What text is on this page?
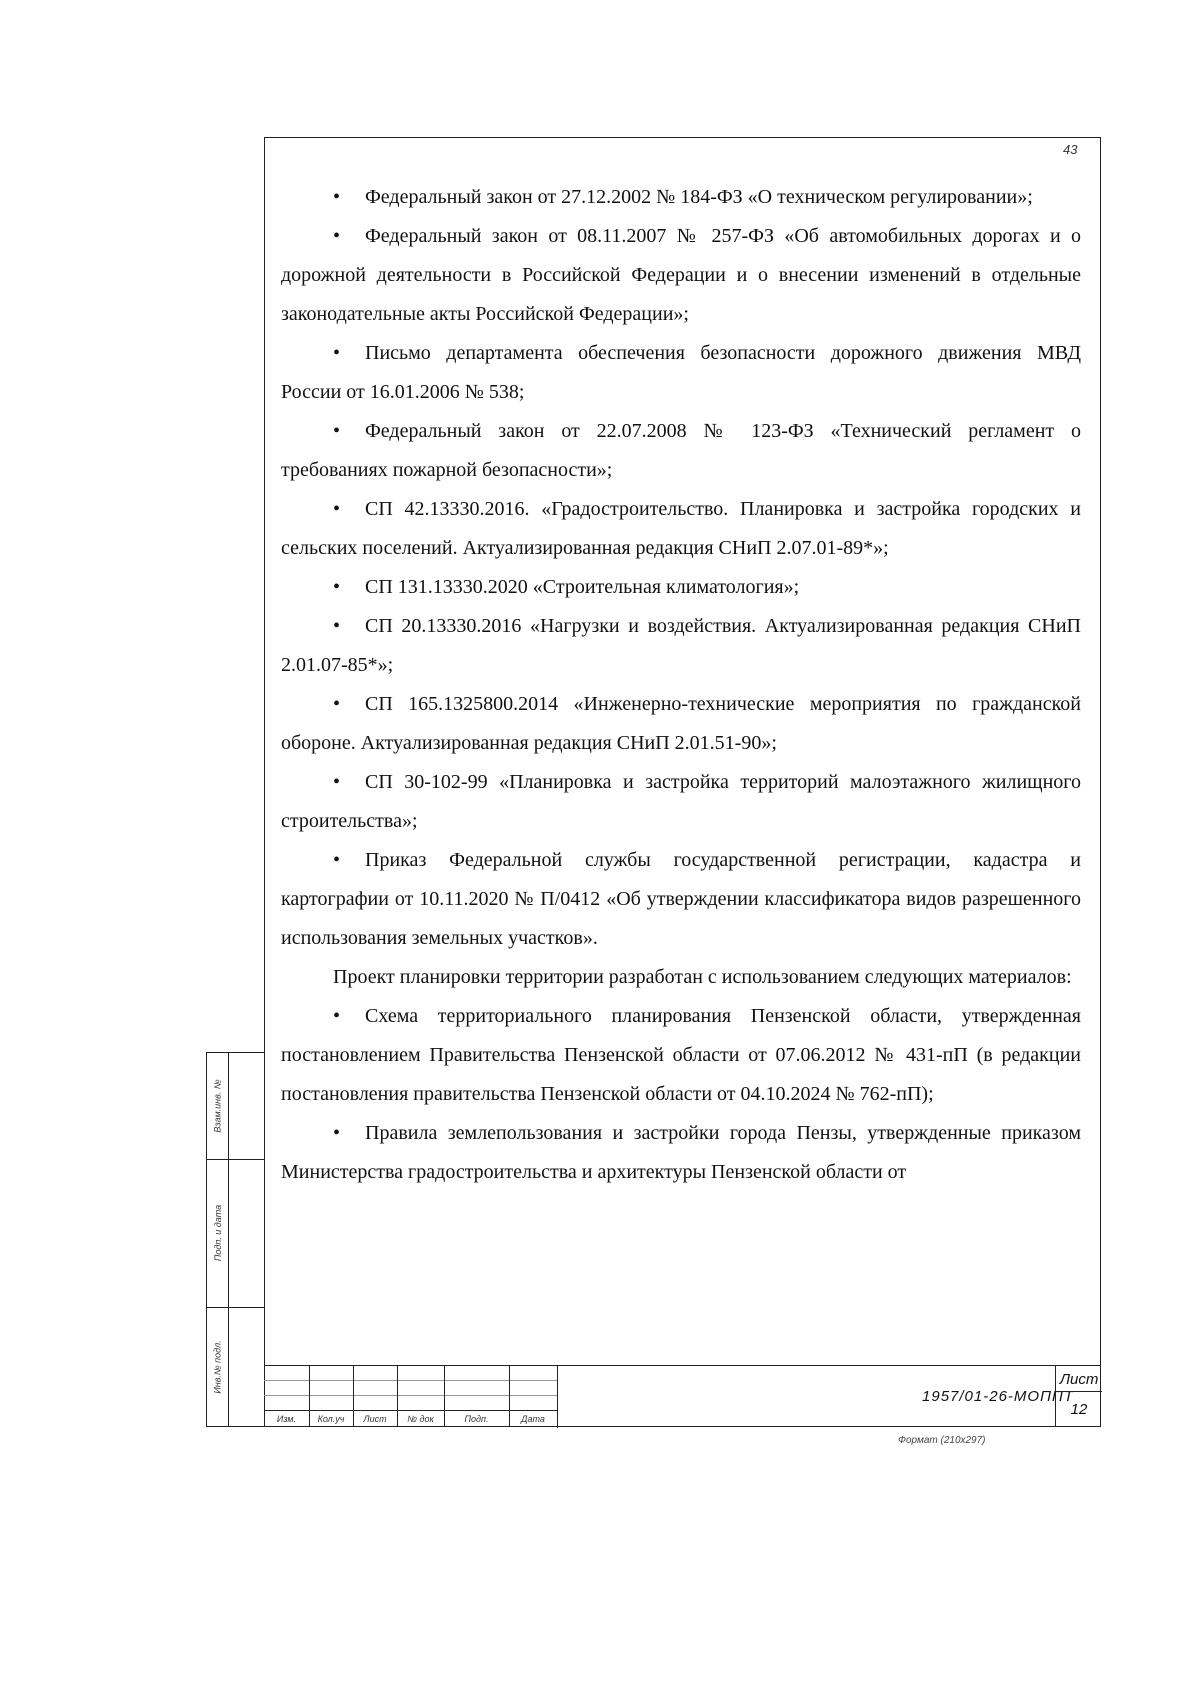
43

• Федеральный закон от 27.12.2002 № 184-ФЗ «О техническом регулировании»;

• Федеральный закон от 08.11.2007 № 257-ФЗ «Об автомобильных дорогах и о дорожной деятельности в Российской Федерации и о внесении изменений в отдельные законодательные акты Российской Федерации»;

• Письмо департамента обеспечения безопасности дорожного движения МВД России от 16.01.2006 № 538;

• Федеральный закон от 22.07.2008 № 123-ФЗ «Технический регламент о требованиях пожарной безопасности»;

• СП 42.13330.2016. «Градостроительство. Планировка и застройка городских и сельских поселений. Актуализированная редакция СНиП 2.07.01-89*»;

• СП 131.13330.2020 «Строительная климатология»;

• СП 20.13330.2016 «Нагрузки и воздействия. Актуализированная редакция СНиП 2.01.07-85*»;

• СП 165.1325800.2014 «Инженерно-технические мероприятия по гражданской обороне. Актуализированная редакция СНиП 2.01.51-90»;

• СП 30-102-99 «Планировка и застройка территорий малоэтажного жилищного строительства»;

• Приказ Федеральной службы государственной регистрации, кадастра и картографии от 10.11.2020 № П/0412 «Об утверждении классификатора видов разрешенного использования земельных участков».

Проект планировки территории разработан с использованием следующих материалов:

• Схема территориального планирования Пензенской области, утвержденная постановлением Правительства Пензенской области от 07.06.2012 № 431-пП (в редакции постановления правительства Пензенской области от 04.10.2024 № 762-пП);

• Правила землепользования и застройки города Пензы, утвержденные приказом Министерства градостроительства и архитектуры Пензенской области от

Взам.инв. №
Подп. и дата
Инв.№ подл.
Изм.	Кол.уч	Лист	№ док	Подп.	Дата
1957/01-26-МОППТ
Лист
12
Формат (210х297)
